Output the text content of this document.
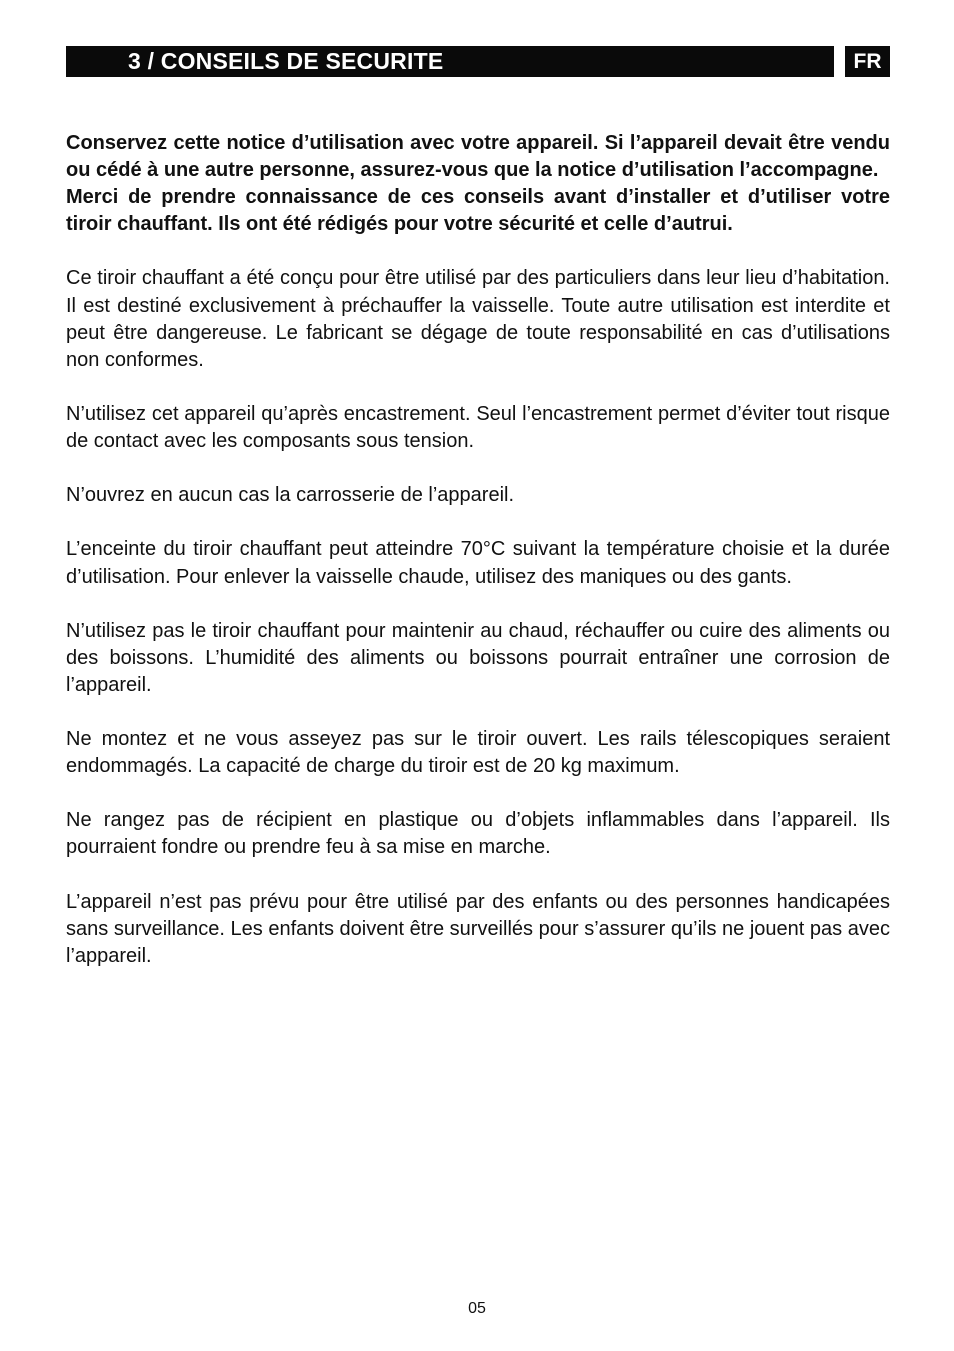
3 / CONSEILS DE SECURITE	FR

Conservez cette notice d’utilisation avec votre appareil. Si l’appareil devait être vendu ou cédé à une autre personne, assurez-vous que la notice d’utilisation l’accompagne.
Merci de prendre connaissance de ces conseils avant d’installer et d’utiliser votre tiroir chauffant. Ils ont été rédigés pour votre sécurité et celle d’autrui.

Ce tiroir chauffant a été conçu pour être utilisé par des particuliers dans leur lieu d’habitation. Il est destiné exclusivement à préchauffer la vaisselle. Toute autre utilisation est interdite et peut être dangereuse. Le fabricant se dégage de toute responsabilité en cas d’utilisations non conformes.

N’utilisez cet appareil qu’après encastrement. Seul l’encastrement permet d’éviter tout risque de contact avec les composants sous tension.

N’ouvrez en aucun cas la carrosserie de l’appareil.

L’enceinte du tiroir chauffant peut atteindre 70°C suivant la température choisie et la durée d’utilisation. Pour enlever la vaisselle chaude, utilisez des maniques ou des gants.

N’utilisez pas le tiroir chauffant pour maintenir au chaud, réchauffer ou cuire des aliments ou des boissons. L’humidité des aliments ou boissons pourrait entraîner une corrosion de l’appareil.

Ne montez et ne vous asseyez pas sur le tiroir ouvert. Les rails télescopiques seraient endommagés. La capacité de charge du tiroir est de 20 kg maximum.

Ne rangez pas de récipient en plastique ou d’objets inflammables dans l’appareil. Ils pourraient fondre ou prendre feu à sa mise en marche.

L’appareil n’est pas prévu pour être utilisé par des enfants ou des personnes handicapées sans surveillance. Les enfants doivent être surveillés pour s’assurer qu’ils ne jouent pas avec l’appareil.

05
